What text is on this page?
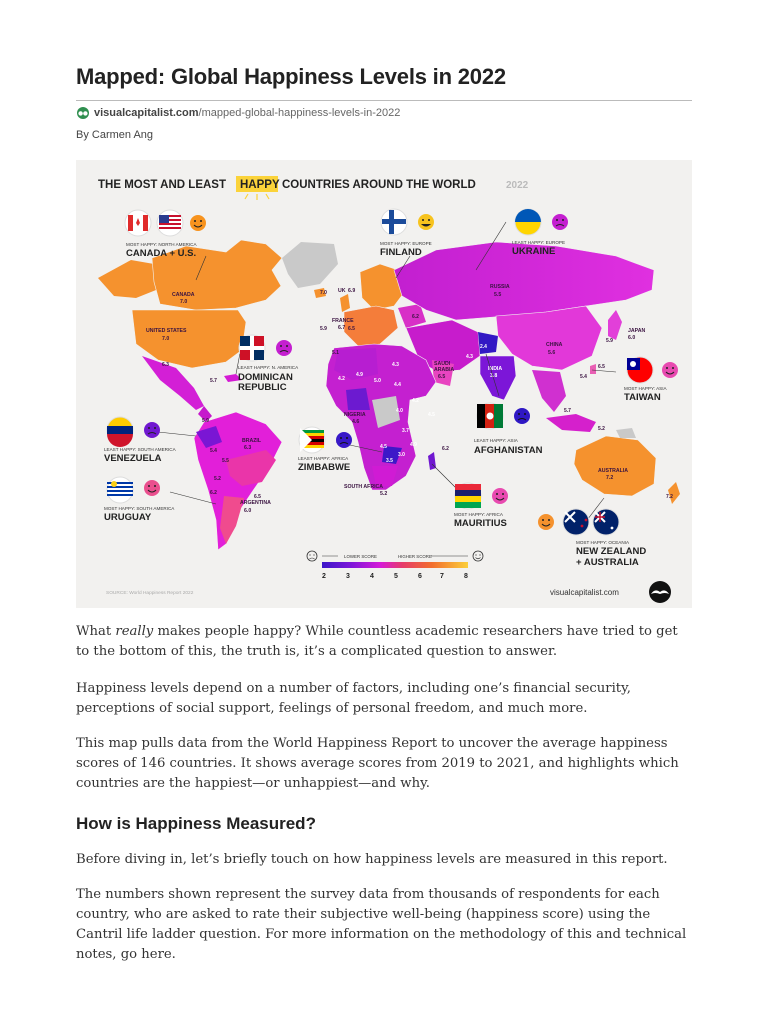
Mapped: Global Happiness Levels in 2022
visualcapitalist.com/mapped-global-happiness-levels-in-2022
By Carmen Ang
THE MOST AND LEAST HAPPY COUNTRIES AROUND THE WORLD	2022
CANADA
7.0
UNITED STATES
7.0
UK 6.9
FRANCE
6.7
RUSSIA
5.5
CHINA
5.6
JAPAN
6.0
INDIA
3.8
SAUDI
ARABIA
6.5
BRAZIL
6.3
ARGENTINA
6.0
NIGERIA
4.6
SOUTH AFRICA
5.2
AUSTRALIA
7.2
6.3
5.7
7.0
5.9	6.5
6.2
5.1
4.2
4.9
5.0
4.3
4.4
4.2
4.0
3.7
4.5
2.4
4.3
5.9
6.5
5.4
5.7
5.2
6.2
3.5
3.0
4.5	4.9
6.2
6.5
5.4
5.9
5.5
5.2
7.2
MOST HAPPY: NORTH AMERICA
CANADA + U.S.
MOST HAPPY: EUROPE
FINLAND
LEAST HAPPY: EUROPE
UKRAINE
LEAST HAPPY: N. AMERICA
DOMINICAN
REPUBLIC	MOST HAPPY: ASIA
TAIWAN
LEAST HAPPY: SOUTH AMERICA
VENEZUELA	LEAST HAPPY: AFRICA
ZIMBABWE
LEAST HAPPY: ASIA
AFGHANISTAN
MOST HAPPY: SOUTH AMERICA
URUGUAY	MOST HAPPY: AFRICA
MAURITIUS
MOST HAPPY: OCEANIA
NEW ZEALAND
+ AUSTRALIA
LOWER SCORE	HIGHER SCORE
2	3	4	5	6	7	8
SOURCE: World Happiness Report 2022	visualcapitalist.com

What really makes people happy? While countless academic researchers have tried to get to the bottom of this, the truth is, it’s a complicated question to answer.

Happiness levels depend on a number of factors, including one’s financial security, perceptions of social support, feelings of personal freedom, and much more.

This map pulls data from the World Happiness Report to uncover the average happiness scores of 146 countries. It shows average scores from 2019 to 2021, and highlights which countries are the happiest—or unhappiest—and why.

How is Happiness Measured?

Before diving in, let’s briefly touch on how happiness levels are measured in this report.

The numbers shown represent the survey data from thousands of respondents for each country, who are asked to rate their subjective well-being (happiness score) using the Cantril life ladder question. For more information on the methodology of this and technical notes, go here.
